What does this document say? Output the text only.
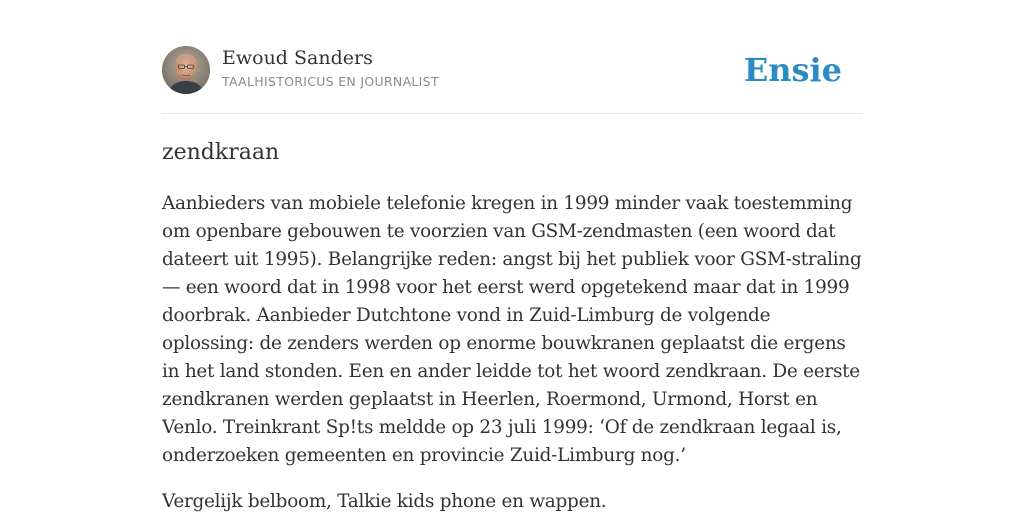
Ewoud Sanders
TAALHISTORICUS EN JOURNALIST	Ensie
zendkraan

Aanbieders van mobiele telefonie kregen in 1999 minder vaak toestemming om openbare gebouwen te voorzien van GSM-zendmasten (een woord dat dateert uit 1995). Belangrijke reden: angst bij het publiek voor GSM-straling — een woord dat in 1998 voor het eerst werd opgetekend maar dat in 1999 doorbrak. Aanbieder Dutchtone vond in Zuid-Limburg de volgende oplossing: de zenders werden op enorme bouwkranen geplaatst die ergens in het land stonden. Een en ander leidde tot het woord zendkraan. De eerste zendkranen werden geplaatst in Heerlen, Roermond, Urmond, Horst en Venlo. Treinkrant Sp!ts meldde op 23 juli 1999: ‘Of de zendkraan legaal is, onderzoeken gemeenten en provincie Zuid-Limburg nog.’

Vergelijk belboom, Talkie kids phone en wappen.
